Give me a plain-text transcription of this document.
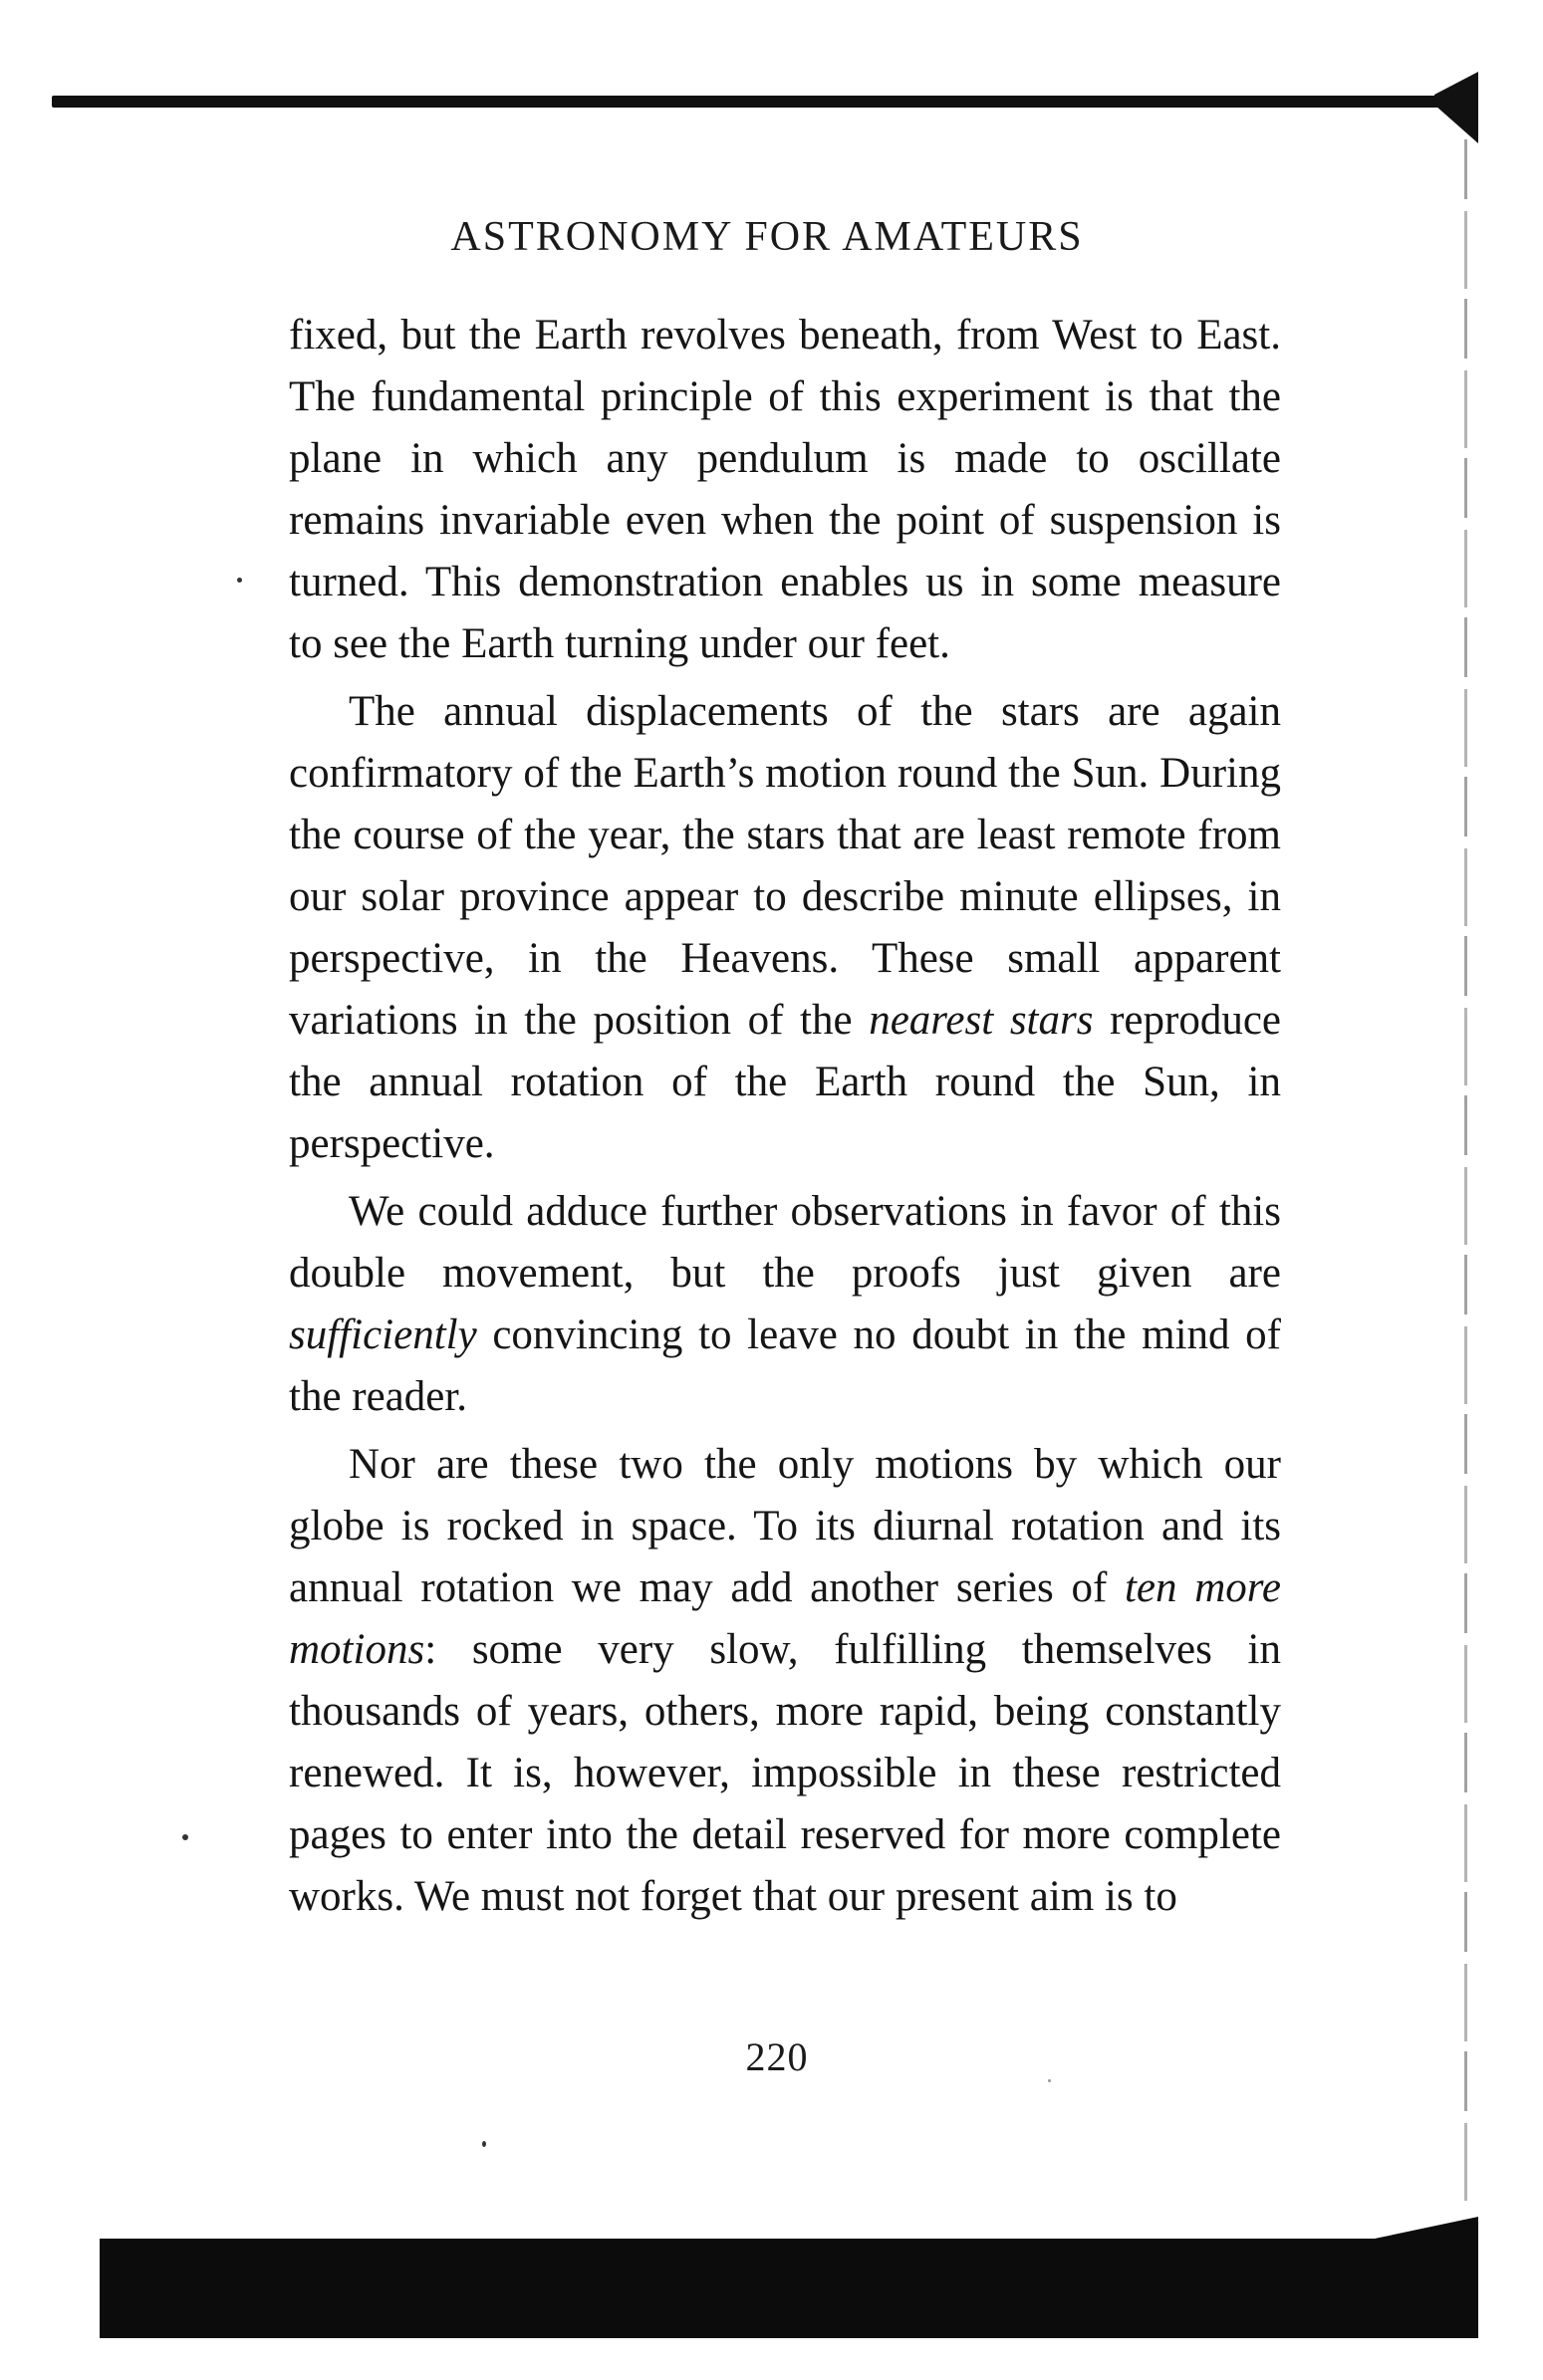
ASTRONOMY FOR AMATEURS

fixed, but the Earth revolves beneath, from West to East. The fundamental principle of this experiment is that the plane in which any pendulum is made to oscillate remains invariable even when the point of suspension is turned. This demonstration enables us in some measure to see the Earth turning under our feet.

The annual displacements of the stars are again confirmatory of the Earth’s motion round the Sun. During the course of the year, the stars that are least remote from our solar province appear to describe minute ellipses, in perspective, in the Heavens. These small apparent variations in the position of the nearest stars reproduce the annual rotation of the Earth round the Sun, in perspective.

We could adduce further observations in favor of this double movement, but the proofs just given are sufficiently convincing to leave no doubt in the mind of the reader.

Nor are these two the only motions by which our globe is rocked in space. To its diurnal rotation and its annual rotation we may add another series of ten more motions: some very slow, fulfilling themselves in thousands of years, others, more rapid, being constantly renewed. It is, however, impossible in these restricted pages to enter into the detail reserved for more complete works. We must not forget that our present aim is to

220
